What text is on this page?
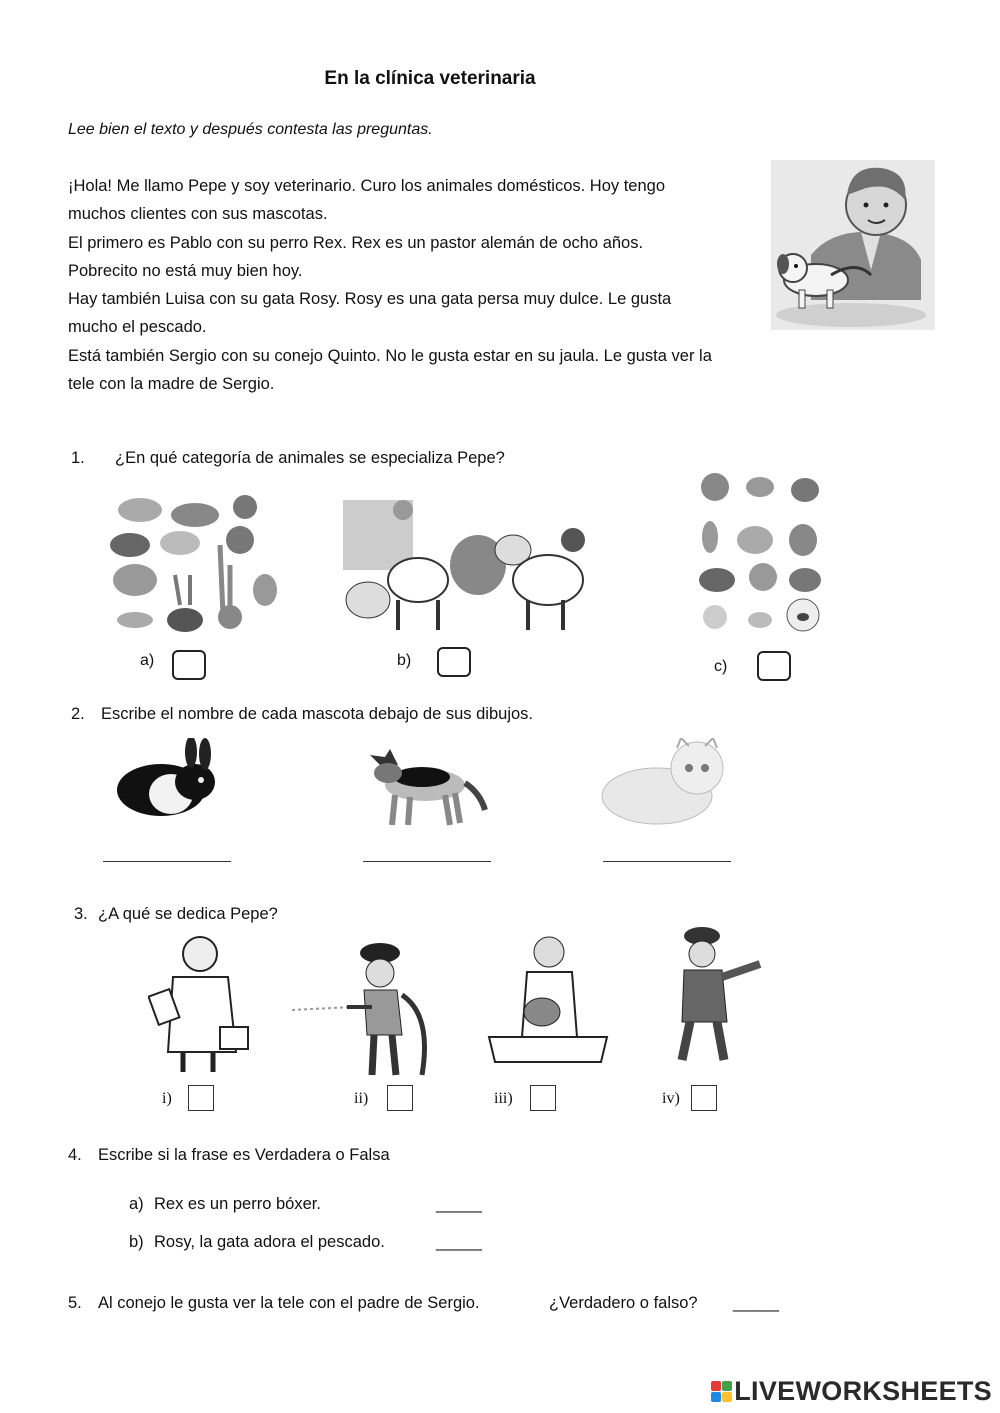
En la clínica veterinaria
Lee bien el texto y después contesta las preguntas.
¡Hola! Me llamo Pepe y soy veterinario. Curo los animales domésticos. Hoy tengo
muchos clientes con sus mascotas.
El primero es Pablo con su perro Rex. Rex es un pastor alemán de ocho años.
Pobrecito no está muy bien hoy.
Hay también Luisa con su gata Rosy. Rosy es una gata persa muy dulce. Le gusta
mucho el pescado.
Está también Sergio con su conejo Quinto. No le gusta estar en su jaula. Le gusta ver la
tele con la madre de Sergio.
1. ¿En qué categoría de animales se especializa Pepe?
a)	b)	c)
2. Escribe el nombre de cada mascota debajo de sus dibujos.
3. ¿A qué se dedica Pepe?
i)	ii)	iii)	iv)
4. Escribe si la frase es Verdadera o Falsa
a) Rex es un perro bóxer.	_____
b) Rosy, la gata adora el pescado.	_____
5. Al conejo le gusta ver la tele con el padre de Sergio.	¿Verdadero o falso? _____
LIVEWORKSHEETS
